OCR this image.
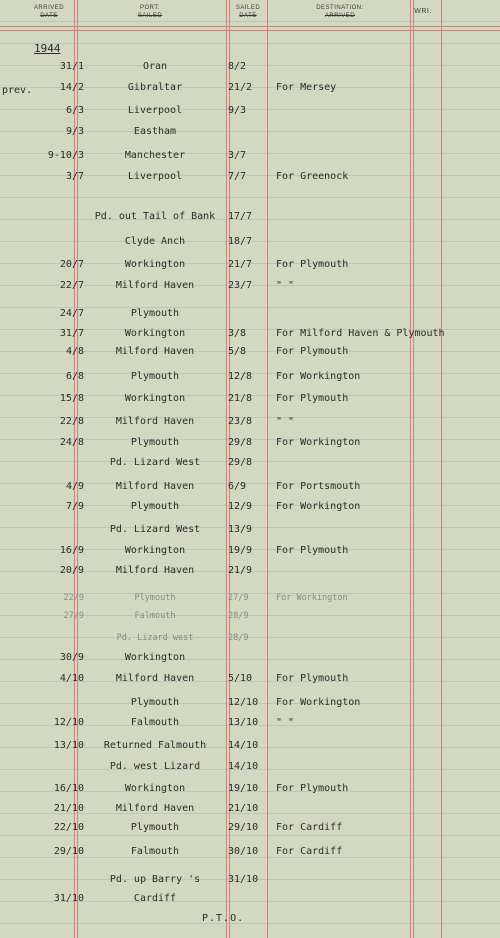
ARRIVED
DATE
PORT:
SAILED
SAILED
DATE
DESTINATION:
ARRIVED
WRI.
1944
prev.
31/1	Oran	8/2
14/2	Gibraltar	21/2	For Mersey
6/3	Liverpool	9/3
9/3	Eastham
9-10/3	Manchester	3/7
3/7	Liverpool	7/7	For Greenock
Pd. out Tail of Bank	17/7
Clyde Anch	18/7
20/7	Workington	21/7	For Plymouth
22/7	Milford Haven	23/7	" "
24/7	Plymouth
31/7	Workington	3/8	For Milford Haven & Plymouth
4/8	Milford Haven	5/8	For Plymouth
6/8	Plymouth	12/8	For Workington
15/8	Workington	21/8	For Plymouth
22/8	Milford Haven	23/8	" "
24/8	Plymouth	29/8	For Workington
Pd. Lizard West	29/8
4/9	Milford Haven	6/9	For Portsmouth
7/9	Plymouth	12/9	For Workington
Pd. Lizard West	13/9
16/9	Workington	19/9	For Plymouth
20/9	Milford Haven	21/9
22/9	Plymouth	27/9	For Workington
27/9	Falmouth	28/9
Pd. Lizard west	28/9
30/9	Workington
4/10	Milford Haven	5/10	For Plymouth
Plymouth	12/10	For Workington
12/10	Falmouth	13/10	" "
13/10	Returned Falmouth	14/10
Pd. west Lizard	14/10
16/10	Workington	19/10	For Plymouth
21/10	Milford Haven	21/10
22/10	Plymouth	29/10	For Cardiff
29/10	Falmouth	30/10	For Cardiff
Pd. up Barry 's	31/10
31/10	Cardiff
P.T.O.
